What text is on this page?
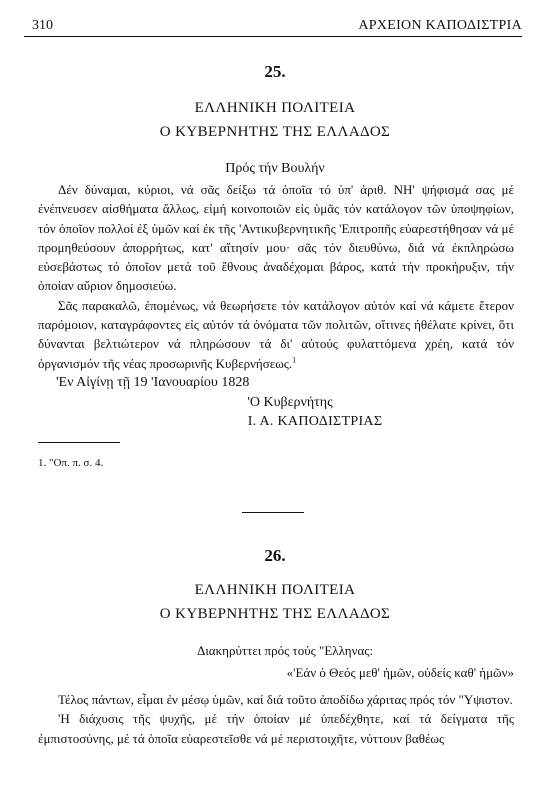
310	ΑΡΧΕΙΟΝ ΚΑΠΟΔΙΣΤΡΙΑ
25.
ΕΛΛΗΝΙΚΗ ΠΟΛΙΤΕΙΑ
Ο ΚΥΒΕΡΝΗΤΗΣ ΤΗΣ ΕΛΛΑΔΟΣ
Πρός τήν Βουλήν

Δέν δύναμαι, κύριοι, νά σᾶς δείξω τά ὁποῖα τό ὑπ' ἀριθ. ΝΗ' ψήφισμά σας μέ ἐνέπνευσεν αἰσθήματα ἄλλως, εἰμή κοινοποιῶν εἰς ὑμᾶς τόν κατάλογον τῶν ὑποψηφίων, τόν ὁποῖον πολλοί ἐξ ὑμῶν καί ἐκ τῆς 'Αντικυβερνητικῆς 'Επιτροπῆς εὐαρεστήθησαν νά μέ προμηθεύσουν ἀπορρήτως, κατ' αἴτησίν μου· σᾶς τόν διευθύνω, διά νά ἐκπληρώσω εὐσεβάστως τό ὁποῖον μετά τοῦ ἔθνους ἀναδέχομαι βάρος, κατά τήν προκήρυξιν, τήν ὁποίαν αὔριον δημοσιεύω.

Σᾶς παρακαλῶ, ἐπομένως, νά θεωρήσετε τόν κατάλογον αὐτόν καί νά κάμετε ἕτερον παρόμοιον, καταγράφοντες εἰς αὐτόν τά ὀνόματα τῶν πολιτῶν, οἵτινες ἠθέλατε κρίνει, ὅτι δύνανται βελτιώτερον νά πληρώσουν τά δι' αὐτούς φυλαττόμενα χρέη, κατά τόν ὀργανισμόν τῆς νέας προσωρινῆς Κυβερνήσεως.$^1$

'Εν Αἰγίνῃ τῇ 19 'Ιανουαρίου 1828
'Ο Κυβερνήτης
Ι. Α. ΚΑΠΟΔΙΣΤΡΙΑΣ
1. "Οπ. π. σ. 4.
26.
ΕΛΛΗΝΙΚΗ ΠΟΛΙΤΕΙΑ
Ο ΚΥΒΕΡΝΗΤΗΣ ΤΗΣ ΕΛΛΑΔΟΣ
Διακηρύττει πρός τούς "Ελληνας:
«'Εάν ὁ Θεός μεθ' ἡμῶν, οὐδείς καθ' ἡμῶν»

Τέλος πάντων, εἶμαι ἐν μέσῳ ὑμῶν, καί διά τοῦτο ἀποδίδω χάριτας πρός τόν "Υψιστον.

'Η διάχυσις τῆς ψυχῆς, μέ τήν ὁποίαν μέ ὑπεδέχθητε, καί τά δείγματα τῆς ἐμπιστοσύνης, μέ τά ὁποῖα εὐαρεστεῖσθε νά μέ περιστοιχῆτε, νύττουν βαθέως
